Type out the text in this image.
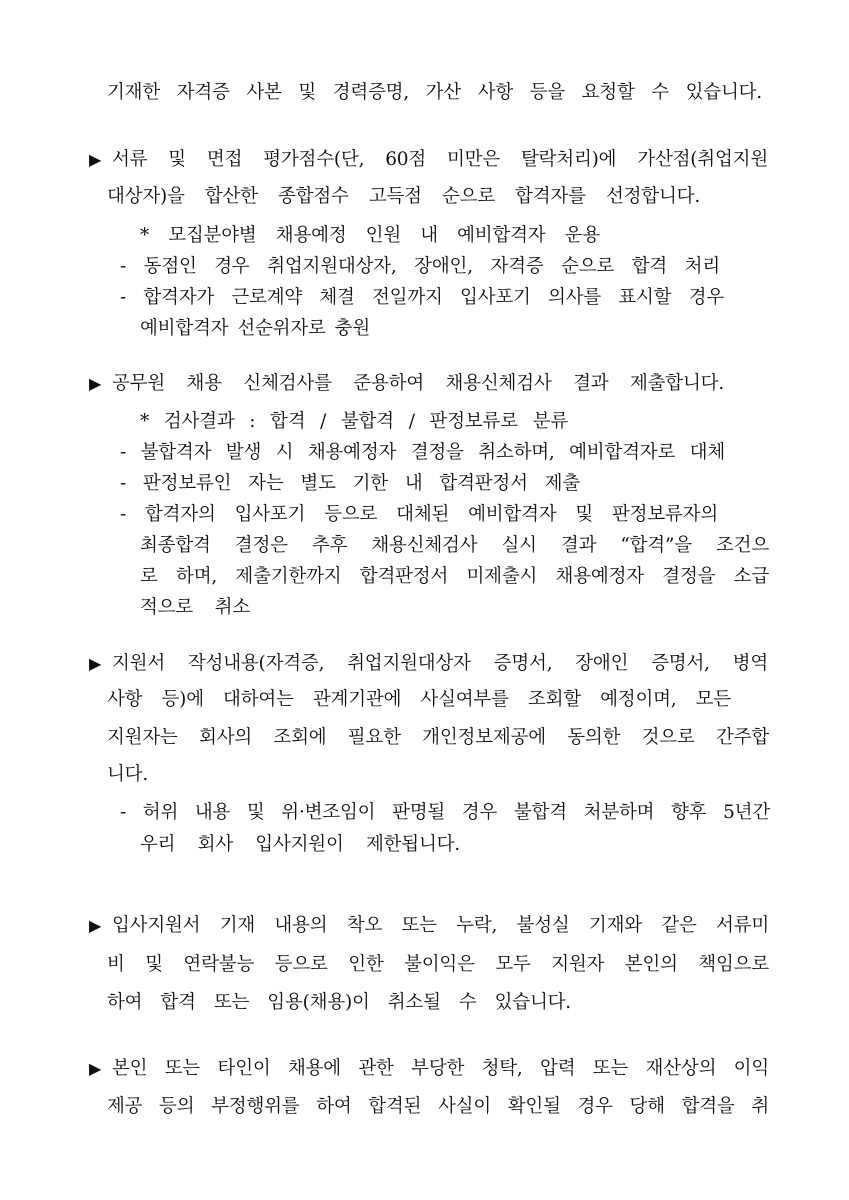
기재한 자격증 사본 및 경력증명, 가산 사항 등을 요청할 수 있습니다.
▶ 서류 및 면접 평가점수(단, 60점 미만은 탈락처리)에 가산점(취업지원
대상자)을 합산한 종합점수 고득점 순으로 합격자를 선정합니다.
* 모집분야별 채용예정 인원 내 예비합격자 운용
- 동점인 경우 취업지원대상자, 장애인, 자격증 순으로 합격 처리
- 합격자가 근로계약 체결 전일까지 입사포기 의사를 표시할 경우
예비합격자 선순위자로 충원
▶ 공무원 채용 신체검사를 준용하여 채용신체검사 결과 제출합니다.
* 검사결과 : 합격 / 불합격 / 판정보류로 분류
- 불합격자 발생 시 채용예정자 결정을 취소하며, 예비합격자로 대체
- 판정보류인 자는 별도 기한 내 합격판정서 제출
- 합격자의 입사포기 등으로 대체된 예비합격자 및 판정보류자의
최종합격 결정은 추후 채용신체검사 실시 결과 “합격”을 조건으
로 하며, 제출기한까지 합격판정서 미제출시 채용예정자 결정을 소급
적으로 취소
▶ 지원서 작성내용(자격증, 취업지원대상자 증명서, 장애인 증명서, 병역
사항 등)에 대하여는 관계기관에 사실여부를 조회할 예정이며, 모든
지원자는 회사의 조회에 필요한 개인정보제공에 동의한 것으로 간주합
니다.
- 허위 내용 및 위·변조임이 판명될 경우 불합격 처분하며 향후 5년간
우리 회사 입사지원이 제한됩니다.
▶ 입사지원서 기재 내용의 착오 또는 누락, 불성실 기재와 같은 서류미
비 및 연락불능 등으로 인한 불이익은 모두 지원자 본인의 책임으로
하여 합격 또는 임용(채용)이 취소될 수 있습니다.
▶ 본인 또는 타인이 채용에 관한 부당한 청탁, 압력 또는 재산상의 이익
제공 등의 부정행위를 하여 합격된 사실이 확인될 경우 당해 합격을 취
